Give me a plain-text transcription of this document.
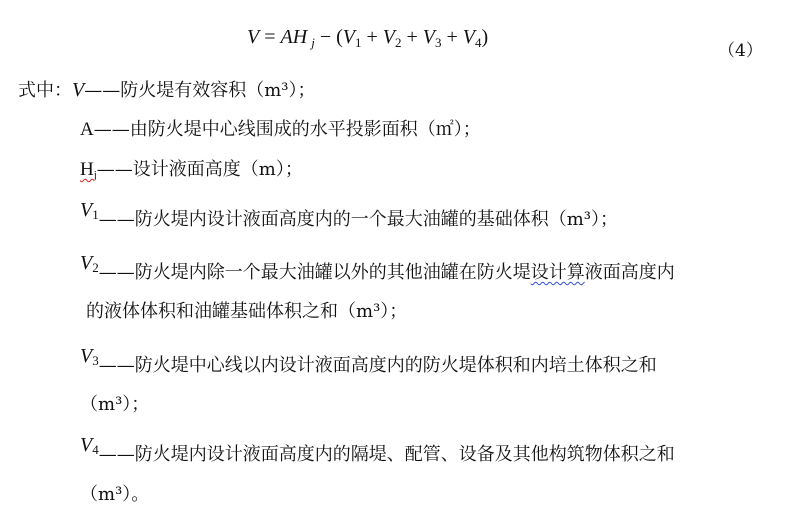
V = AH  $_j - (V_1 + V_2 + V_3 + V_4)$
（4）
式中：V——防火堤有效容积（m³）；
A——由防火堤中心线围成的水平投影面积（㎡）；
$H_j——$设计液面高度（m）；
$V_1——$防火堤内设计液面高度内的一个最大油罐的基础体积（m³）；
$V_2——$防火堤内除一个最大油罐以外的其他油罐在防火堤设计算液面高度内
的液体体积和油罐基础体积之和（m³）；
$V_3——$防火堤中心线以内设计液面高度内的防火堤体积和内培土体积之和
（m³）；
$V_4——$防火堤内设计液面高度内的隔堤、配管、设备及其他构筑物体积之和
（m³）。
